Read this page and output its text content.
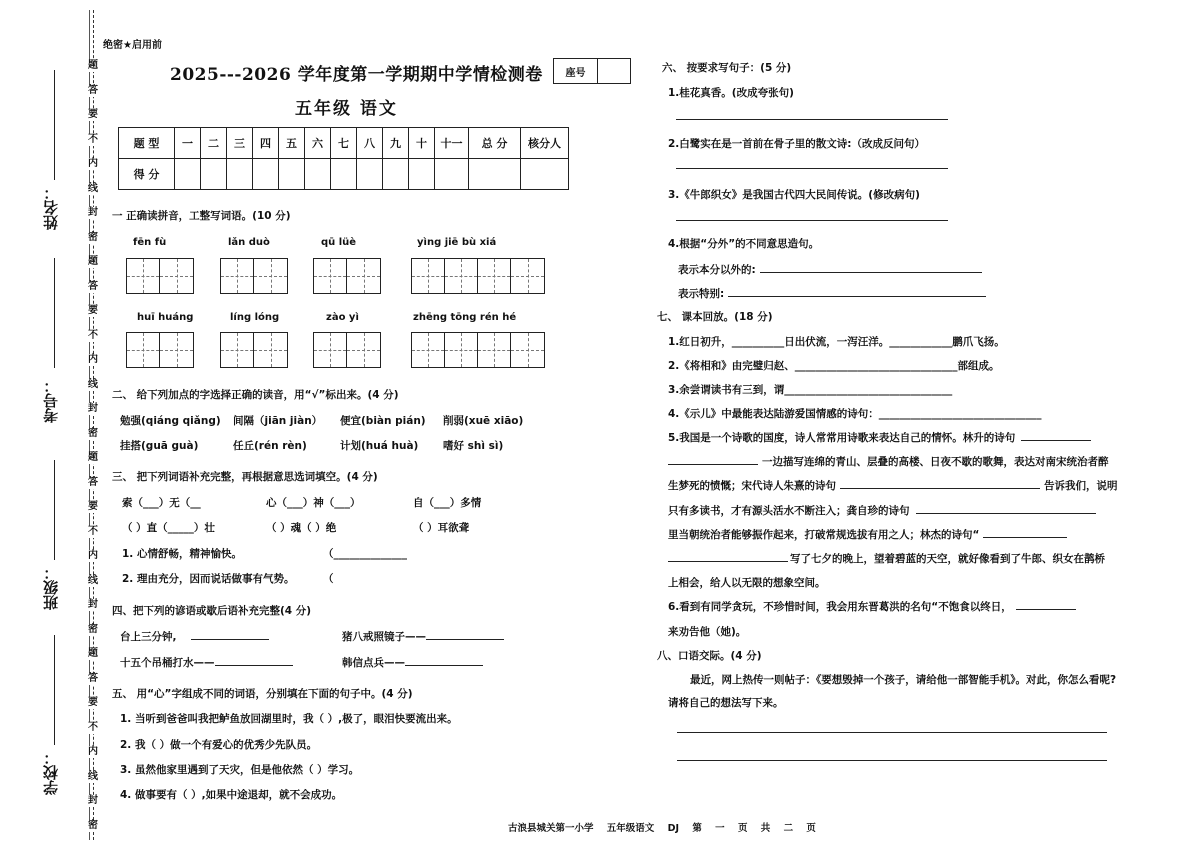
题
答
要
不
内
线
封
密
题
答
要
不
内
线
封
密
题
答
要
不
内
线
封
密
题
答
要
不
内
线
封
密
姓名：
考号：
班级：
学校：
绝密★启用前
2025---2026 学年度第一学期期中学情检测卷
五年级 语文
座号
题 型	一	二	三	四	五	六	七	八	九	十	十一	总 分	核分人
得 分													
一 正确读拼音，工整写词语。(10 分)
fēn fù	lǎn duò	qū lüè	yìng jiē bù xiá
huī huáng	líng lóng	zào yì	zhēng tōng rén hé
二、 给下列加点的字选择正确的读音，用“√”标出来。(4 分)
勉强(qiáng qiǎng) 间隔（jiān jiàn） 便宜(biàn pián) 削弱(xuē xiāo)
挂搭(guā guà)	任丘(rén rèn)	计划(huá huà) 嗜好 shì sì)
三、 把下列词语补充完整，再根据意思选词填空。(4 分)
索（___）无（__	心（___）神（___）	自（___）多情
（ ）直（_____）壮	（ ）魂（ ）绝	（ ）耳欲聋
1. 心情舒畅，精神愉快。	（______________
2. 理由充分，因而说话做事有气势。	（
四、把下列的谚语或歇后语补充完整(4 分)
台上三分钟,	猪八戒照镜子——
十五个吊桶打水——	韩信点兵——
五、 用“心”字组成不同的词语，分别填在下面的句子中。(4 分)
1. 当听到爸爸叫我把鲈鱼放回湖里时，我（ ）,极了，眼泪快要流出来。
2. 我（ ）做一个有爱心的优秀少先队员。
3. 虽然他家里遇到了天灾，但是他依然（ ）学习。
4. 做事要有（ ）,如果中途退却，就不会成功。
六、 按要求写句子：(5 分)
1.桂花真香。(改成夸张句)
2.白鹭实在是一首前在骨子里的散文诗:（改成反问句）
3.《牛郎织女》是我国古代四大民间传说。(修改病句)
4.根据“分外”的不同意思造句。
表示本分以外的:
表示特别:
七、 课本回放。(18 分)
1.红日初升，__________日出伏流，一泻汪洋。____________鹏爪飞扬。
2.《将相和》由完璧归赵、_______________________________部组成。
3.余尝谓读书有三到，谓________________________________
4.《示儿》中最能表达陆游爱国情感的诗句：_______________________________
5.我国是一个诗歌的国度，诗人常常用诗歌来表达自己的情怀。林升的诗句
一边描写连绵的青山、层叠的高楼、日夜不歇的歌舞，表达对南宋统治者醉
生梦死的愤慨；宋代诗人朱熹的诗句	告诉我们，说明
只有多读书，才有源头活水不断注入；龚自珍的诗句
里当朝统治者能够振作起来，打破常规选拔有用之人；林杰的诗句“
写了七夕的晚上，望着碧蓝的天空，就好像看到了牛郎、织女在鹊桥
上相会，给人以无限的想象空间。
6.看到有同学贪玩，不珍惜时间，我会用东晋葛洪的名句“不饱食以终日，
来劝告他（她)。
八、口语交际。(4 分)
最近，网上热传一则帖子：《要想毁掉一个孩子，请给他一部智能手机》。对此，你怎么看呢?
请将自己的想法写下来。
古浪县城关第一小学 五年级语文 DJ 第 一 页 共 二 页
